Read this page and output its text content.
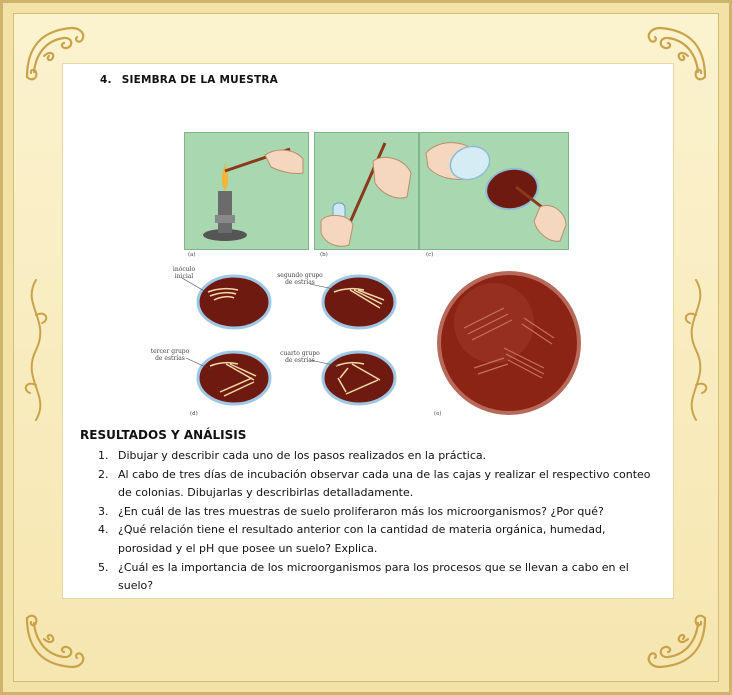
4. SIEMBRA DE LA MUESTRA
(a)	(b)	(c)
inóculo
inicial	segundo grupo
de estrías
tercer grupo
de estrías
cuarto grupo
de estrías
(d)	(e)
RESULTADOS Y ANÁLISIS
1. Dibujar y describir cada uno de los pasos realizados en la práctica.
2. Al cabo de tres días de incubación observar cada una de las cajas y realizar el respectivo conteo de colonias. Dibujarlas y describirlas detalladamente.
3. ¿En cuál de las tres muestras de suelo proliferaron más los microorganismos? ¿Por qué?
4. ¿Qué relación tiene el resultado anterior con la cantidad de materia orgánica, humedad, porosidad y el pH que posee un suelo? Explica.
5. ¿Cuál es la importancia de los microorganismos para los procesos que se llevan a cabo en el suelo?
